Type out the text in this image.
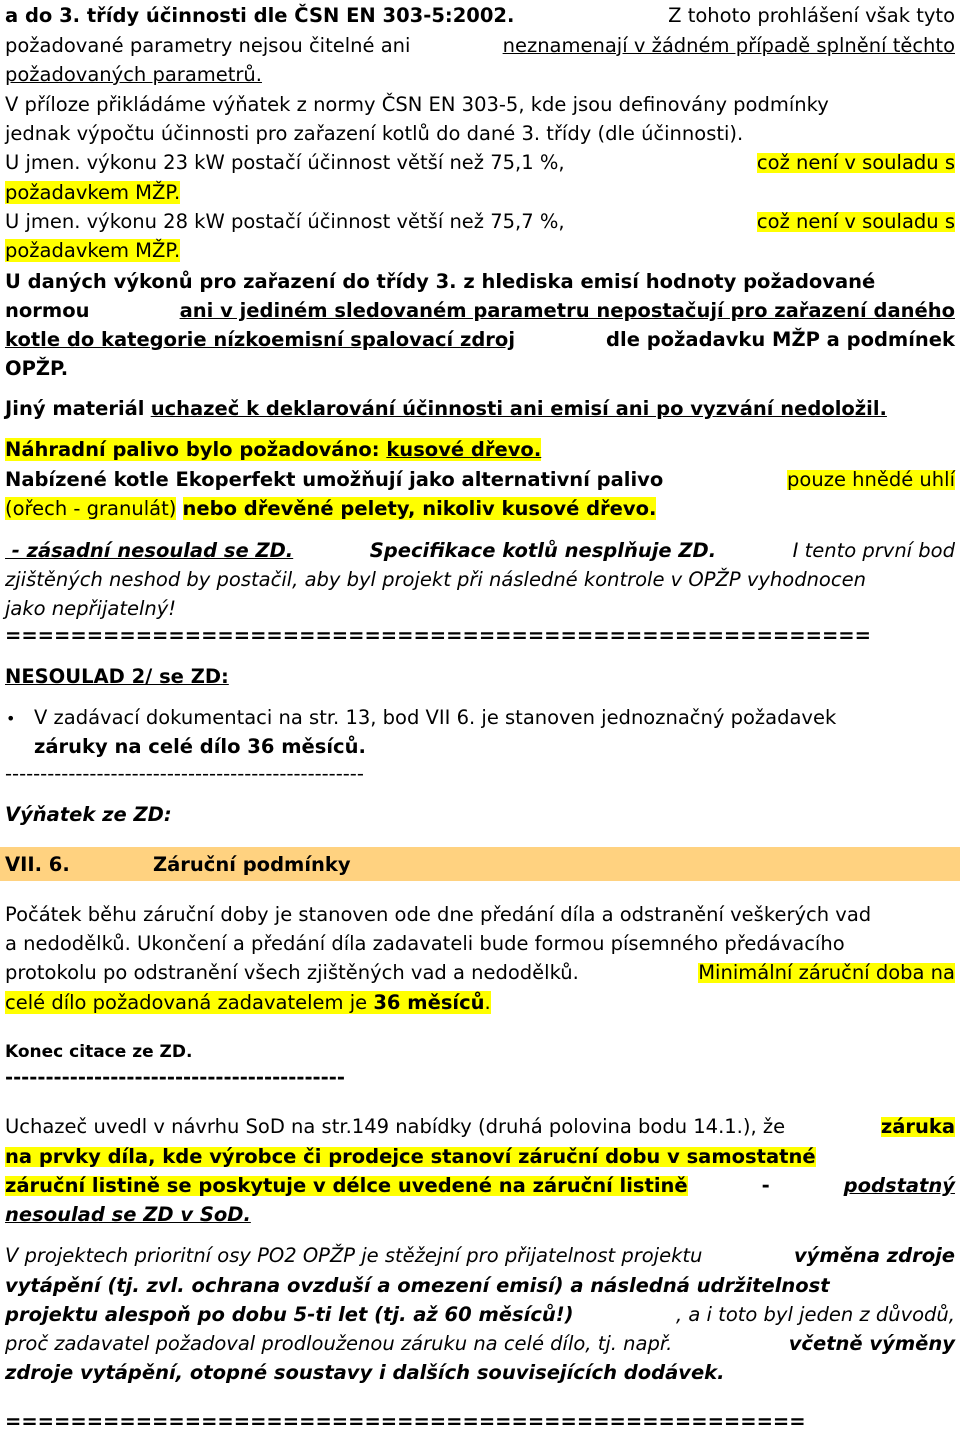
a do 3. třídy účinnosti dle ČSN EN 303-5:2002.	Z tohoto prohlášení však tyto
požadované parametry nejsou čitelné ani	neznamenají v žádném případě splnění těchto
požadovaných parametrů.
V příloze přikládáme výňatek z normy ČSN EN 303-5, kde jsou definovány podmínky
jednak výpočtu účinnosti pro zařazení kotlů do dané 3. třídy (dle účinnosti).
U jmen. výkonu 23 kW postačí účinnost větší než 75,1 %,	což není v souladu s
požadavkem MŽP.
U jmen. výkonu 28 kW postačí účinnost větší než 75,7 %,	což není v souladu s
požadavkem MŽP.
U daných výkonů pro zařazení do třídy 3. z hlediska emisí hodnoty požadované
normou	ani v jediném sledovaném parametru nepostačují pro zařazení daného
kotle do kategorie nízkoemisní spalovací zdroj	dle požadavku MŽP a podmínek
OPŽP.
Jiný materiál uchazeč k deklarování účinnosti ani emisí ani po vyzvání nedoložil.
Náhradní palivo bylo požadováno: kusové dřevo.
Nabízené kotle Ekoperfekt umožňují jako alternativní palivo	pouze hnědé uhlí
(ořech - granulát) nebo dřevěné pelety, nikoliv kusové dřevo.
- zásadní nesoulad se ZD.	Specifikace kotlů nesplňuje ZD.	I tento první bod
zjištěných neshod by postačil, aby byl projekt při následné kontrole v OPŽP vyhodnocen
jako nepřijatelný!
=====================================================
NESOULAD 2/ se ZD:
• V zadávací dokumentaci na str. 13, bod VII 6. je stanoven jednoznačný požadavek
záruky na celé dílo 36 měsíců.
---------------------------------------------------
Výňatek ze ZD:
VII. 6.	Záruční podmínky
Počátek běhu záruční doby je stanoven ode dne předání díla a odstranění veškerých vad
a nedodělků. Ukončení a předání díla zadavateli bude formou písemného předávacího
protokolu po odstranění všech zjištěných vad a nedodělků.	Minimální záruční doba na
celé dílo požadovaná zadavatelem je 36 měsíců.
Konec citace ze ZD.
------------------------------------------
Uchazeč uvedl v návrhu SoD na str.149 nabídky (druhá polovina bodu 14.1.), že	záruka
na prvky díla, kde výrobce či prodejce stanoví záruční dobu v samostatné
záruční listině se poskytuje v délce uvedené na záruční listině	-	podstatný
nesoulad se ZD v SoD.
V projektech prioritní osy PO2 OPŽP je stěžejní pro přijatelnost projektu	výměna zdroje
vytápění (tj. zvl. ochrana ovzduší a omezení emisí) a následná udržitelnost
projektu alespoň po dobu 5-ti let (tj. až 60 měsíců!)	, a i toto byl jeden z důvodů,
proč zadavatel požadoval prodlouženou záruku na celé dílo, tj. např.	včetně výměny
zdroje vytápění, otopné soustavy i dalších souvisejících dodávek.
=================================================
